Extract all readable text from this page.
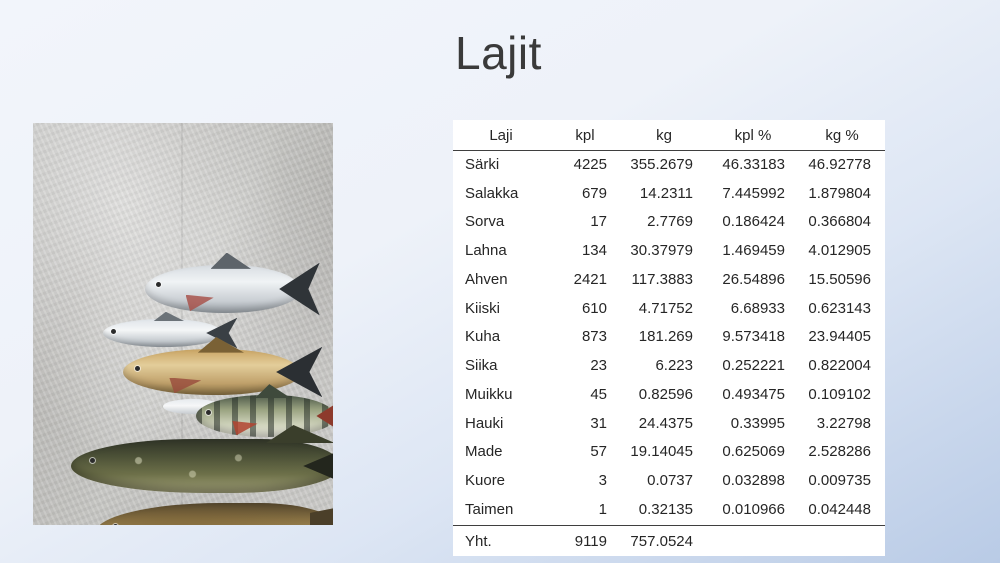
Lajit
Laji	kpl	kg	kpl %	kg %
Särki	4225	355.2679	46.33183	46.92778
Salakka	679	14.2311	7.445992	1.879804
Sorva	17	2.7769	0.186424	0.366804
Lahna	134	30.37979	1.469459	4.012905
Ahven	2421	117.3883	26.54896	15.50596
Kiiski	610	4.71752	6.68933	0.623143
Kuha	873	181.269	9.573418	23.94405
Siika	23	6.223	0.252221	0.822004
Muikku	45	0.82596	0.493475	0.109102
Hauki	31	24.4375	0.33995	3.22798
Made	57	19.14045	0.625069	2.528286
Kuore	3	0.0737	0.032898	0.009735
Taimen	1	0.32135	0.010966	0.042448
Yht.	9119	757.0524		
